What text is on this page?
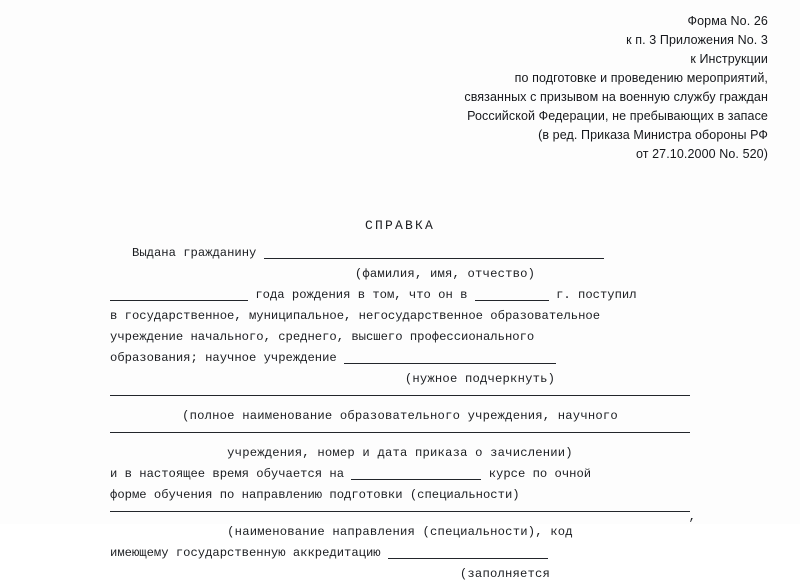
Форма No. 26
к п. 3 Приложения No. 3
к Инструкции
по подготовке и проведению мероприятий,
связанных с призывом на военную службу граждан
Российской Федерации, не пребывающих в запасе
(в ред. Приказа Министра обороны РФ
от 27.10.2000 No. 520)
СПРАВКА
Выдана гражданину
(фамилия, имя, отчество)
года рождения в том, что он в	г. поступил
в государственное, муниципальное, негосударственное образовательное
учреждение начального, среднего, высшего профессионального
образования; научное учреждение
(нужное подчеркнуть)
(полное наименование образовательного учреждения, научного
учреждения, номер и дата приказа о зачислении)
и в настоящее время обучается на	курсе по очной
форме обучения по направлению подготовки (специальности)
,
(наименование направления (специальности), код
имеющему государственную аккредитацию
(заполняется
